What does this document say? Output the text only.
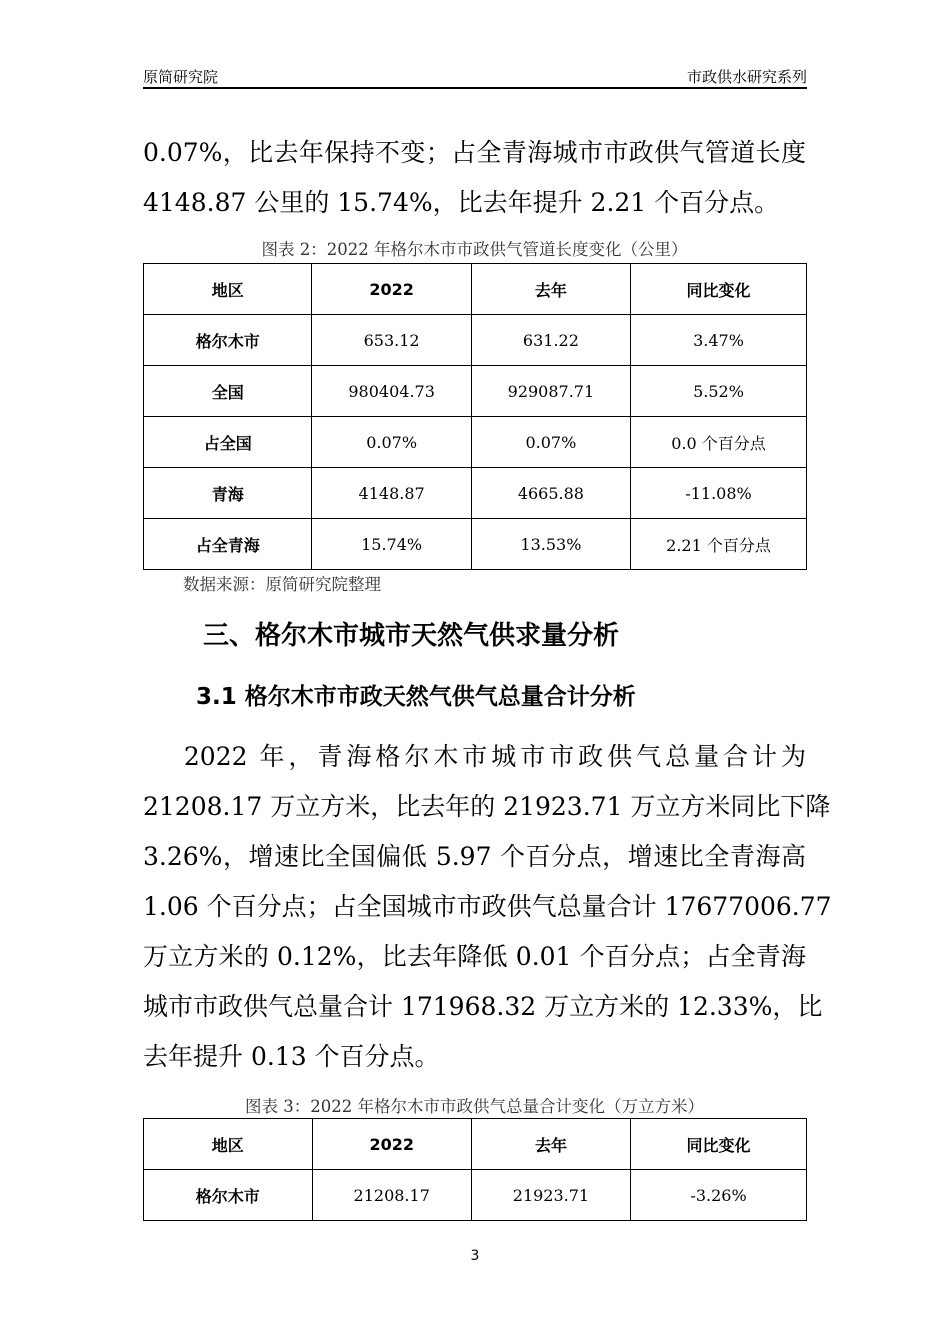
原简研究院	市政供水研究系列
0.07%，比去年保持不变；占全青海城市市政供气管道长度
4148.87 公里的 15.74%，比去年提升 2.21 个百分点。
图表 2：2022 年格尔木市市政供气管道长度变化（公里）
地区	2022	去年	同比变化
格尔木市	653.12	631.22	3.47%
全国	980404.73	929087.71	5.52%
占全国	0.07%	0.07%	0.0 个百分点
青海	4148.87	4665.88	-11.08%
占全青海	15.74%	13.53%	2.21 个百分点
数据来源：原简研究院整理
三、格尔木市城市天然气供求量分析
3.1 格尔木市市政天然气供气总量合计分析
　 2022 年，青海格尔木市城市市政供气总量合计为
21208.17 万立方米，比去年的 21923.71 万立方米同比下降
3.26%，增速比全国偏低 5.97 个百分点，增速比全青海高
1.06 个百分点；占全国城市市政供气总量合计 17677006.77
万立方米的 0.12%，比去年降低 0.01 个百分点；占全青海
城市市政供气总量合计 171968.32 万立方米的 12.33%，比
去年提升 0.13 个百分点。
图表 3：2022 年格尔木市市政供气总量合计变化（万立方米）
地区	2022	去年	同比变化
格尔木市	21208.17	21923.71	-3.26%
3
